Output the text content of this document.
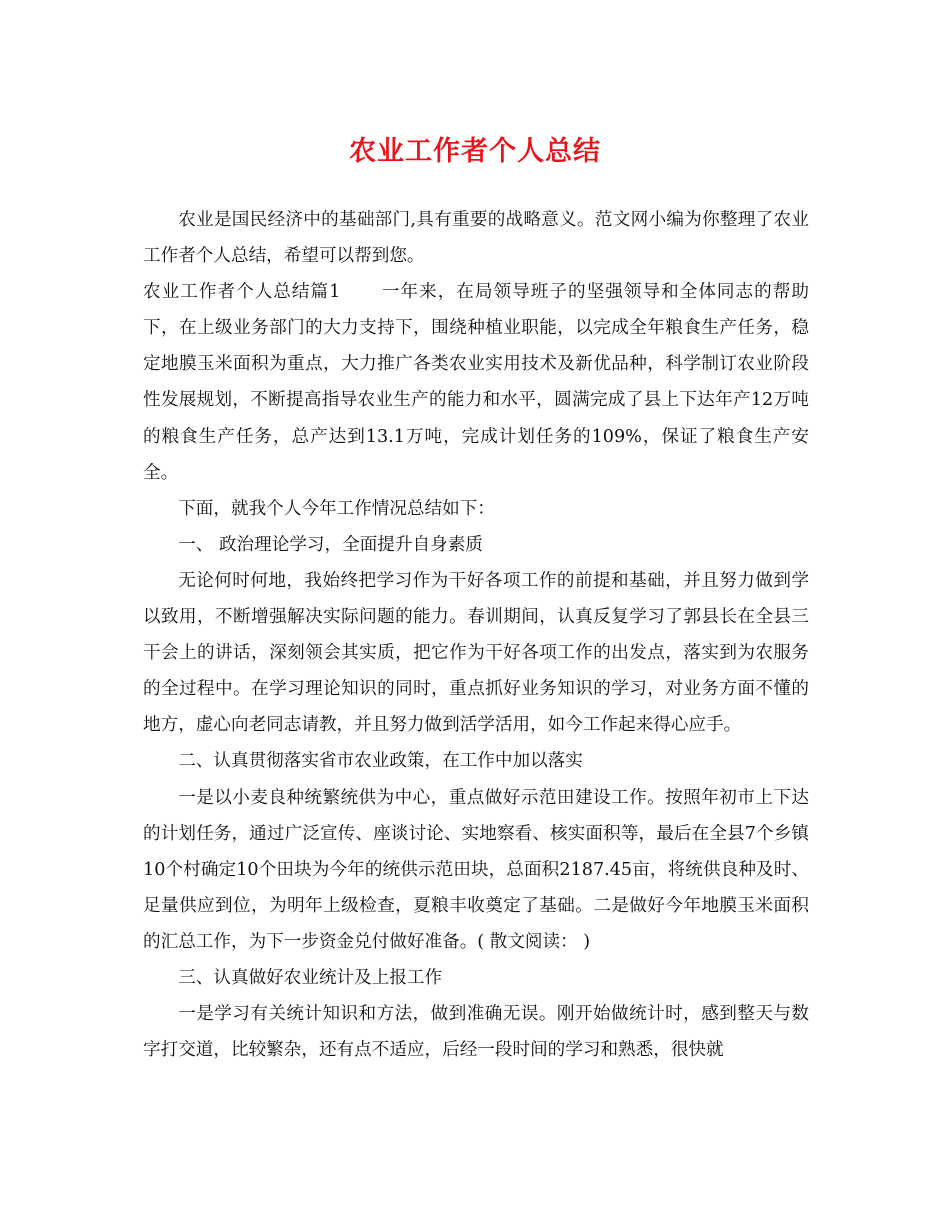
农业工作者个人总结

农业是国民经济中的基础部门,具有重要的战略意义。范文网小编为你整理了农业工作者个人总结，希望可以帮到您。

农业工作者个人总结篇1 一年来，在局领导班子的坚强领导和全体同志的帮助下，在上级业务部门的大力支持下，围绕种植业职能，以完成全年粮食生产任务，稳定地膜玉米面积为重点，大力推广各类农业实用技术及新优品种，科学制订农业阶段性发展规划，不断提高指导农业生产的能力和水平，圆满完成了县上下达年产12万吨的粮食生产任务，总产达到13.1万吨，完成计划任务的109%，保证了粮食生产安全。

下面，就我个人今年工作情况总结如下：

一、 政治理论学习，全面提升自身素质

无论何时何地，我始终把学习作为干好各项工作的前提和基础，并且努力做到学以致用，不断增强解决实际问题的能力。春训期间，认真反复学习了郭县长在全县三干会上的讲话，深刻领会其实质，把它作为干好各项工作的出发点，落实到为农服务的全过程中。在学习理论知识的同时，重点抓好业务知识的学习，对业务方面不懂的地方，虚心向老同志请教，并且努力做到活学活用，如今工作起来得心应手。

二、认真贯彻落实省市农业政策，在工作中加以落实

一是以小麦良种统繁统供为中心，重点做好示范田建设工作。按照年初市上下达的计划任务，通过广泛宣传、座谈讨论、实地察看、核实面积等，最后在全县7个乡镇10个村确定10个田块为今年的统供示范田块，总面积2187.45亩，将统供良种及时、足量供应到位，为明年上级检查，夏粮丰收奠定了基础。二是做好今年地膜玉米面积的汇总工作，为下一步资金兑付做好准备。( 散文阅读： )

三、认真做好农业统计及上报工作

一是学习有关统计知识和方法，做到准确无误。刚开始做统计时，感到整天与数字打交道，比较繁杂，还有点不适应，后经一段时间的学习和熟悉，很快就
